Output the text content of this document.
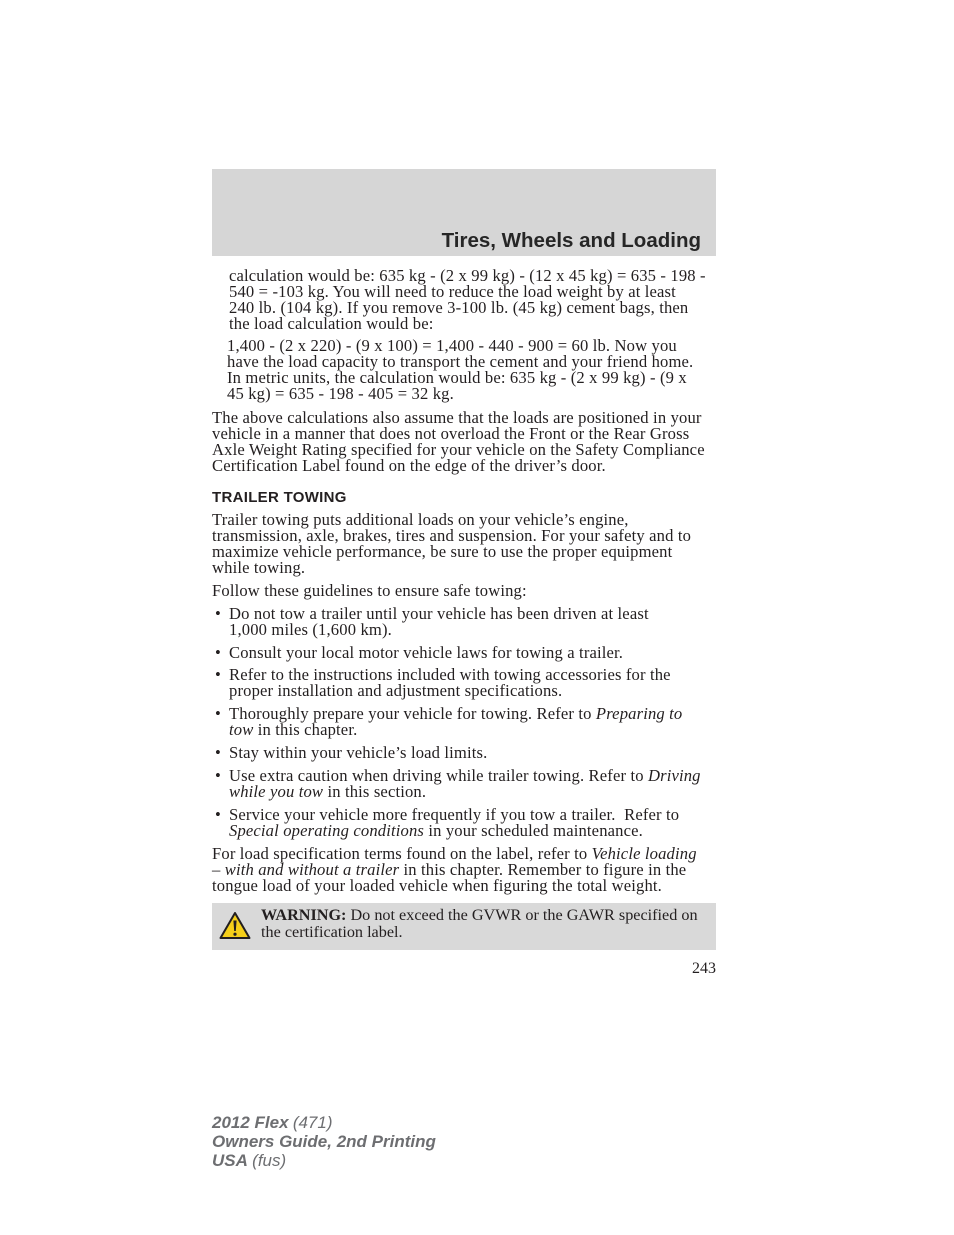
Tires, Wheels and Loading
calculation would be: 635 kg - (2 x 99 kg) - (12 x 45 kg) = 635 - 198 -
540 = -103 kg. You will need to reduce the load weight by at least
240 lb. (104 kg). If you remove 3-100 lb. (45 kg) cement bags, then
the load calculation would be:
1,400 - (2 x 220) - (9 x 100) = 1,400 - 440 - 900 = 60 lb. Now you
have the load capacity to transport the cement and your friend home.
In metric units, the calculation would be: 635 kg - (2 x 99 kg) - (9 x
45 kg) = 635 - 198 - 405 = 32 kg.
The above calculations also assume that the loads are positioned in your
vehicle in a manner that does not overload the Front or the Rear Gross
Axle Weight Rating specified for your vehicle on the Safety Compliance
Certification Label found on the edge of the driver’s door.
TRAILER TOWING
Trailer towing puts additional loads on your vehicle’s engine,
transmission, axle, brakes, tires and suspension. For your safety and to
maximize vehicle performance, be sure to use the proper equipment
while towing.
Follow these guidelines to ensure safe towing:
• Do not tow a trailer until your vehicle has been driven at least
1,000 miles (1,600 km).
• Consult your local motor vehicle laws for towing a trailer.
• Refer to the instructions included with towing accessories for the
proper installation and adjustment specifications.
• Thoroughly prepare your vehicle for towing. Refer to Preparing to
tow in this chapter.
• Stay within your vehicle’s load limits.
• Use extra caution when driving while trailer towing. Refer to Driving
while you tow in this section.
• Service your vehicle more frequently if you tow a trailer.  Refer to
Special operating conditions in your scheduled maintenance.
For load specification terms found on the label, refer to Vehicle loading
– with and without a trailer in this chapter. Remember to figure in the
tongue load of your loaded vehicle when figuring the total weight.
WARNING: Do not exceed the GVWR or the GAWR specified on
the certification label.
243
2012 Flex (471)
Owners Guide, 2nd Printing
USA (fus)
